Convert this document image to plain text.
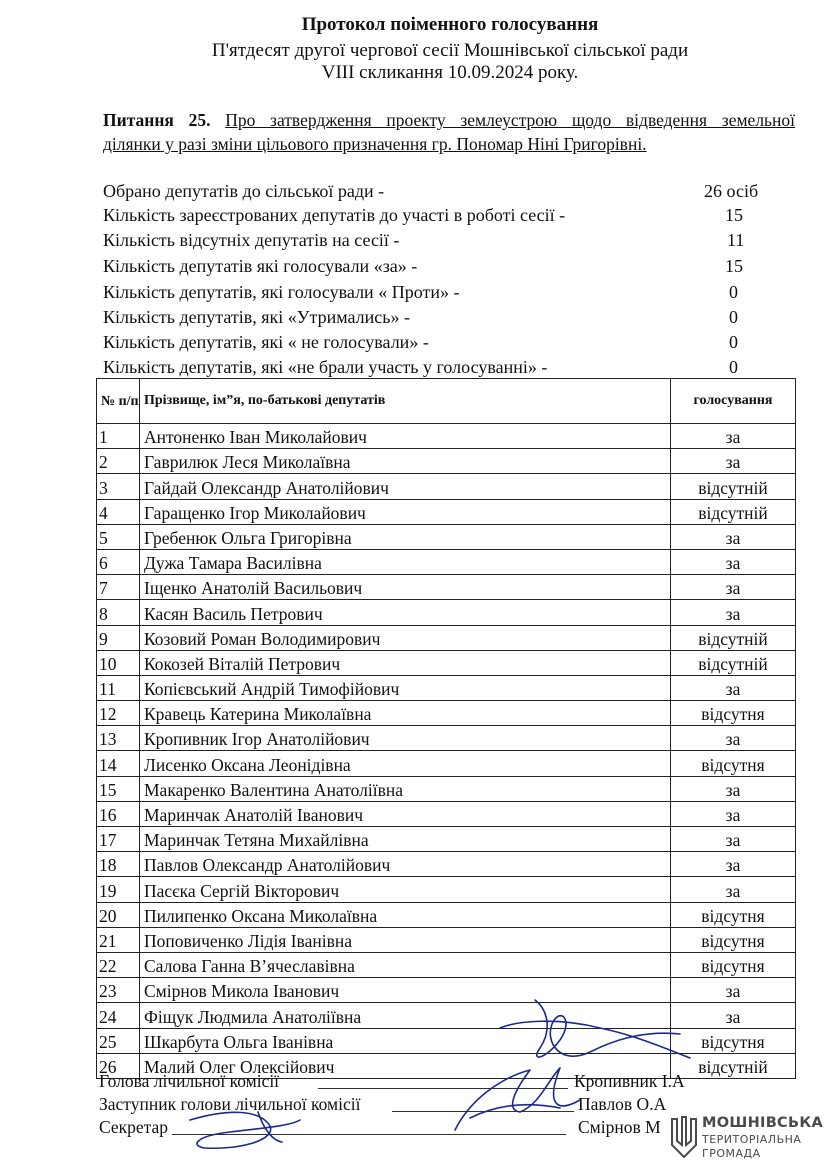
Протокол поіменного голосування
П'ятдесят другої чергової сесії Мошнівської сільської ради
VIII скликання 10.09.2024 року.
Питання 25. Про затвердження проекту землеустрою щодо відведення земельної
ділянки у разі зміни цільового призначення гр. Пономар Ніні Григорівні.
Обрано депутатів до сільської ради -	26 осіб
Кількість зареєстрованих депутатів до участі в роботі сесії -	15
Кількість відсутніх депутатів на сесії -	11
Кількість депутатів які голосували «за» -	15
Кількість депутатів, які голосували « Проти» -	0
Кількість депутатів, які «Утримались» -	0
Кількість депутатів, які « не голосували» -	0
Кількість депутатів, які «не брали участь у голосуванні» -	0
№ п/п	Прізвище, ім”я, по-батькові депутатів	голосування
1	Антоненко Іван Миколайович	за
2	Гаврилюк Леся Миколаївна	за
3	Гайдай Олександр Анатолійович	відсутній
4	Гаращенко Ігор Миколайович	відсутній
5	Гребенюк Ольга Григорівна	за
6	Дужа Тамара Василівна	за
7	Іщенко Анатолій Васильович	за
8	Касян Василь Петрович	за
9	Козовий Роман Володимирович	відсутній
10	Кокозей Віталій Петрович	відсутній
11	Копієвський Андрій Тимофійович	за
12	Кравець Катерина Миколаївна	відсутня
13	Кропивник Ігор Анатолійович	за
14	Лисенко Оксана Леонідівна	відсутня
15	Макаренко Валентина Анатоліївна	за
16	Маринчак Анатолій Іванович	за
17	Маринчак Тетяна Михайлівна	за
18	Павлов Олександр Анатолійович	за
19	Пасєка Сергій Вікторович	за
20	Пилипенко Оксана Миколаївна	відсутня
21	Поповиченко Лідія Іванівна	відсутня
22	Салова Ганна В’ячеславівна	відсутня
23	Смірнов Микола Іванович	за
24	Фіщук Людмила Анатоліївна	за
25	Шкарбута Ольга Іванівна	відсутня
26	Малий Олег Олексійович	відсутній
Голова лічильної комісії	Кропивник І.А
Заступник голови лічильної комісії	Павлов О.А
Секретар	Смірнов М	МОШНІВСЬКА
ТЕРИТОРІАЛЬНА
ГРОМАДА
